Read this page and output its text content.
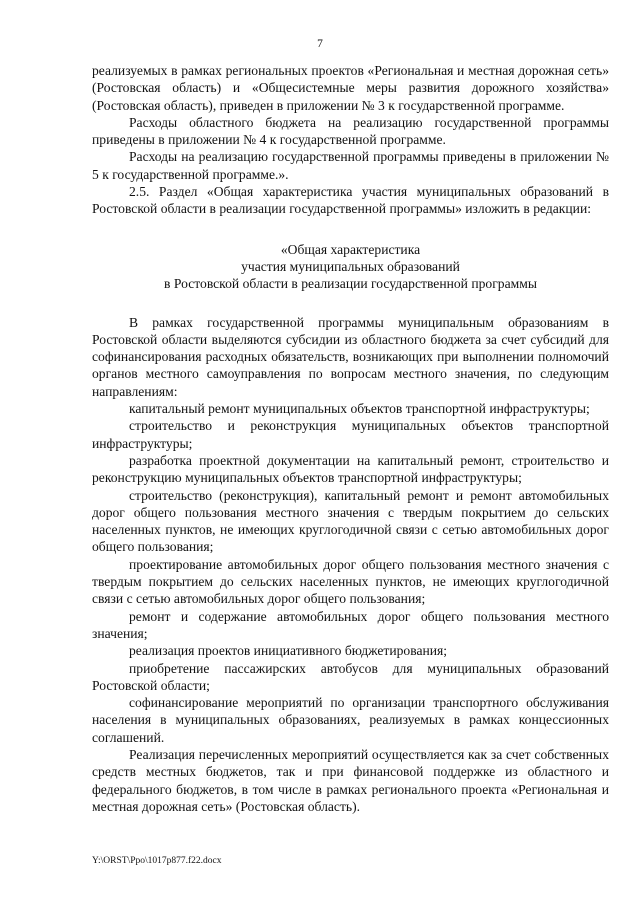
7

реализуемых в рамках региональных проектов «Региональная и местная дорожная сеть» (Ростовская область) и «Общесистемные меры развития дорожного хозяйства» (Ростовская область), приведен в приложении № 3 к государственной программе.

Расходы областного бюджета на реализацию государственной программы приведены в приложении № 4 к государственной программе.

Расходы на реализацию государственной программы приведены в приложении № 5 к государственной программе.».

2.5. Раздел «Общая характеристика участия муниципальных образований в Ростовской области в реализации государственной программы» изложить в редакции:

«Общая характеристика

участия муниципальных образований

в Ростовской области в реализации государственной программы

В рамках государственной программы муниципальным образованиям в Ростовской области выделяются субсидии из областного бюджета за счет субсидий для софинансирования расходных обязательств, возникающих при выполнении полномочий органов местного самоуправления по вопросам местного значения, по следующим направлениям:

капитальный ремонт муниципальных объектов транспортной инфраструктуры;

строительство и реконструкция муниципальных объектов транспортной инфраструктуры;

разработка проектной документации на капитальный ремонт, строительство и реконструкцию муниципальных объектов транспортной инфраструктуры;

строительство (реконструкция), капитальный ремонт и ремонт автомобильных дорог общего пользования местного значения с твердым покрытием до сельских населенных пунктов, не имеющих круглогодичной связи с сетью автомобильных дорог общего пользования;

проектирование автомобильных дорог общего пользования местного значения с твердым покрытием до сельских населенных пунктов, не имеющих круглогодичной связи с сетью автомобильных дорог общего пользования;

ремонт и содержание автомобильных дорог общего пользования местного значения;

реализация проектов инициативного бюджетирования;

приобретение пассажирских автобусов для муниципальных образований Ростовской области;

софинансирование мероприятий по организации транспортного обслуживания населения в муниципальных образованиях, реализуемых в рамках концессионных соглашений.

Реализация перечисленных мероприятий осуществляется как за счет собственных средств местных бюджетов, так и при финансовой поддержке из областного и федерального бюджетов, в том числе в рамках регионального проекта «Региональная и местная дорожная сеть» (Ростовская область).

Y:\ORST\Ppo\1017p877.f22.docx
